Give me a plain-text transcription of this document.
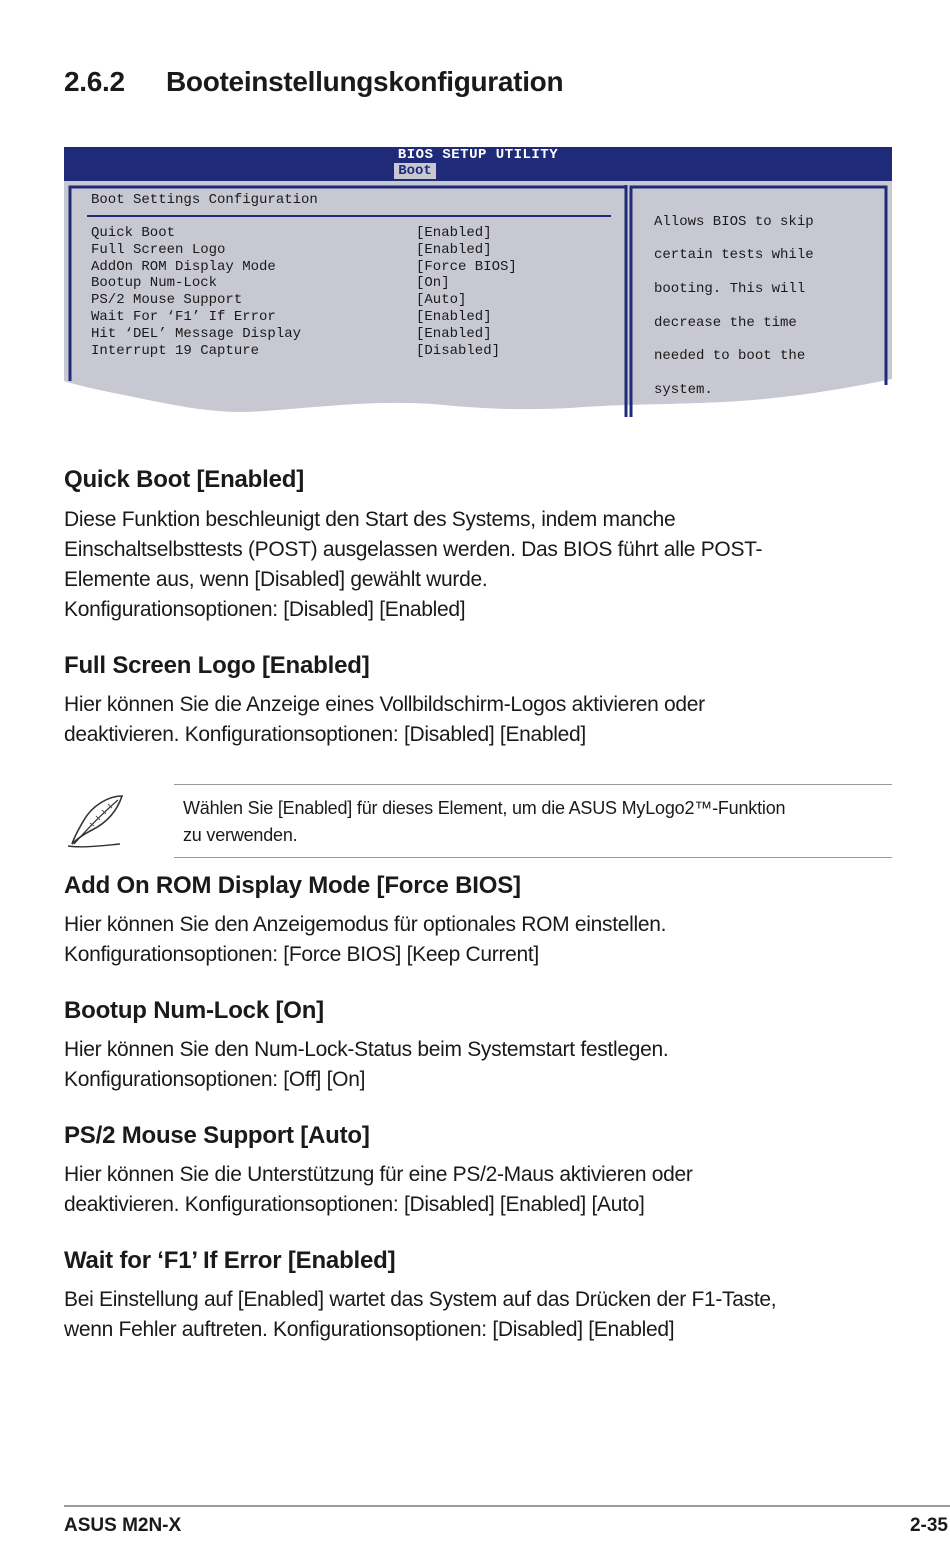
2.6.2 Booteinstellungskonfiguration
BIOS SETUP UTILITY
Boot
Boot Settings Configuration
Quick Boot	[Enabled]
Full Screen Logo	[Enabled]
AddOn ROM Display Mode	[Force BIOS]
Bootup Num-Lock	[On]
PS/2 Mouse Support	[Auto]
Wait For ‘F1’ If Error	[Enabled]
Hit ‘DEL’ Message Display	[Enabled]
Interrupt 19 Capture	[Disabled]

Allows BIOS to skip

certain tests while

booting. This will

decrease the time

needed to boot the

system.

Quick Boot [Enabled]

Diese Funktion beschleunigt den Start des Systems, indem manche
Einschaltselbsttests (POST) ausgelassen werden. Das BIOS führt alle POST-
Elemente aus, wenn [Disabled] gewählt wurde.
Konfigurationsoptionen: [Disabled] [Enabled]

Full Screen Logo [Enabled]

Hier können Sie die Anzeige eines Vollbildschirm-Logos aktivieren oder
deaktivieren. Konfigurationsoptionen: [Disabled] [Enabled]

Wählen Sie [Enabled] für dieses Element, um die ASUS MyLogo2™-Funktion
zu verwenden.
Add On ROM Display Mode [Force BIOS]

Hier können Sie den Anzeigemodus für optionales ROM einstellen.
Konfigurationsoptionen: [Force BIOS] [Keep Current]

Bootup Num-Lock [On]

Hier können Sie den Num-Lock-Status beim Systemstart festlegen.
Konfigurationsoptionen: [Off] [On]

PS/2 Mouse Support [Auto]

Hier können Sie die Unterstützung für eine PS/2-Maus aktivieren oder
deaktivieren. Konfigurationsoptionen: [Disabled] [Enabled] [Auto]

Wait for ‘F1’ If Error [Enabled]

Bei Einstellung auf [Enabled] wartet das System auf das Drücken der F1-Taste,
wenn Fehler auftreten. Konfigurationsoptionen: [Disabled] [Enabled]

ASUS M2N-X	2-35
